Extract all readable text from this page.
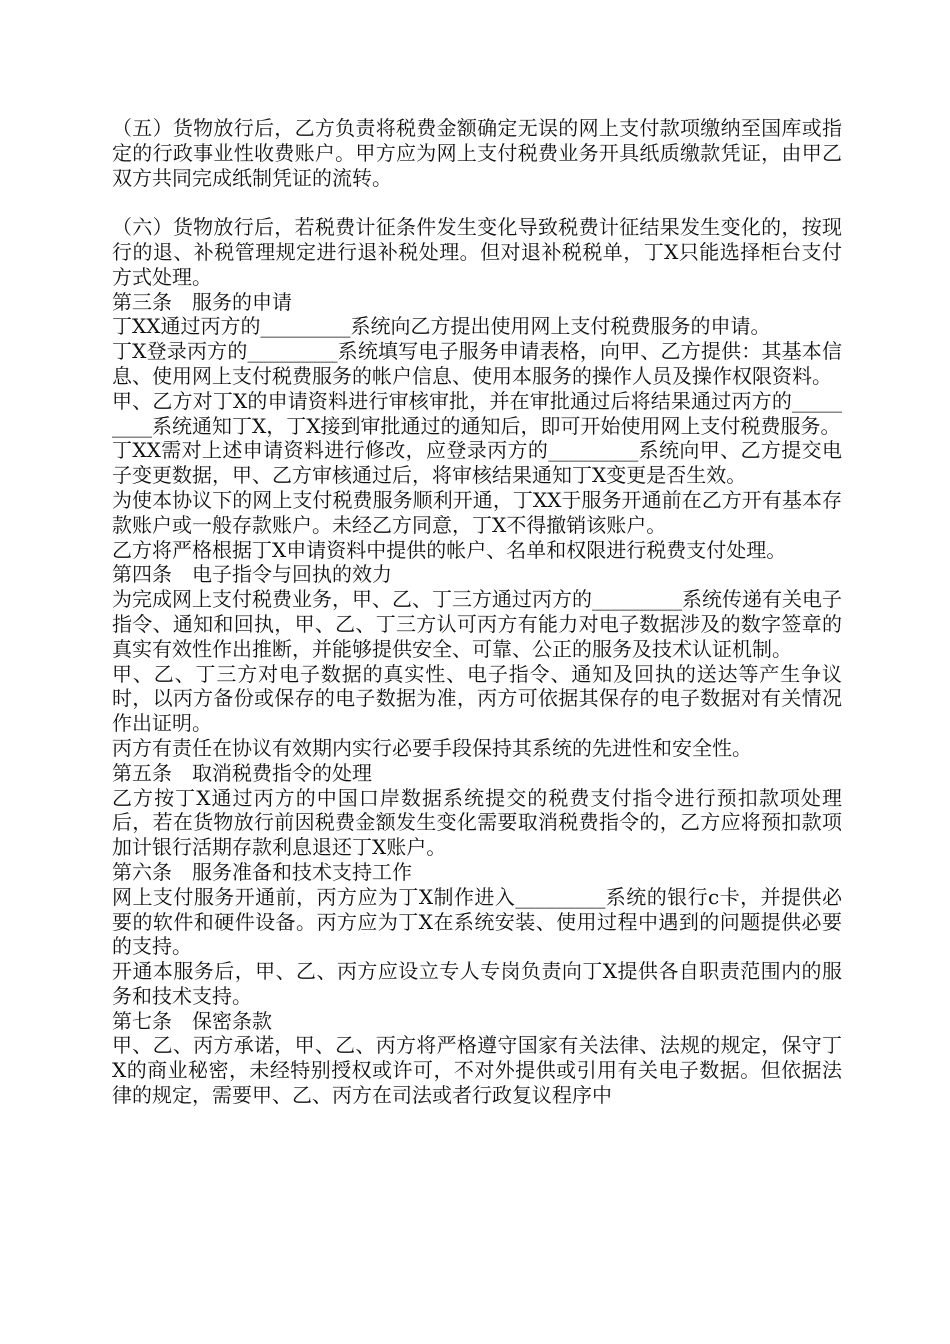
（五）货物放行后，乙方负责将税费金额确定无误的网上支付款项缴纳至国库或指定的行政事业性收费账户。甲方应为网上支付税费业务开具纸质缴款凭证，由甲乙双方共同完成纸制凭证的流转。

（六）货物放行后，若税费计征条件发生变化导致税费计征结果发生变化的，按现行的退、补税管理规定进行退补税处理。但对退补税税单，丁X只能选择柜台支付方式处理。

第三条　服务的申请

丁XX通过丙方的_________系统向乙方提出使用网上支付税费服务的申请。

丁X登录丙方的_________系统填写电子服务申请表格，向甲、乙方提供：其基本信息、使用网上支付税费服务的帐户信息、使用本服务的操作人员及操作权限资料。

甲、乙方对丁X的申请资料进行审核审批，并在审批通过后将结果通过丙方的_________系统通知丁X，丁X接到审批通过的通知后，即可开始使用网上支付税费服务。

丁XX需对上述申请资料进行修改，应登录丙方的_________系统向甲、乙方提交电子变更数据，甲、乙方审核通过后，将审核结果通知丁X变更是否生效。

为使本协议下的网上支付税费服务顺利开通，丁XX于服务开通前在乙方开有基本存款账户或一般存款账户。未经乙方同意，丁X不得撤销该账户。

乙方将严格根据丁X申请资料中提供的帐户、名单和权限进行税费支付处理。

第四条　电子指令与回执的效力

为完成网上支付税费业务，甲、乙、丁三方通过丙方的_________系统传递有关电子指令、通知和回执，甲、乙、丁三方认可丙方有能力对电子数据涉及的数字签章的真实有效性作出推断，并能够提供安全、可靠、公正的服务及技术认证机制。

甲、乙、丁三方对电子数据的真实性、电子指令、通知及回执的送达等产生争议时，以丙方备份或保存的电子数据为准，丙方可依据其保存的电子数据对有关情况作出证明。

丙方有责任在协议有效期内实行必要手段保持其系统的先进性和安全性。

第五条　取消税费指令的处理

乙方按丁X通过丙方的中国口岸数据系统提交的税费支付指令进行预扣款项处理后，若在货物放行前因税费金额发生变化需要取消税费指令的，乙方应将预扣款项加计银行活期存款利息退还丁X账户。

第六条　服务准备和技术支持工作

网上支付服务开通前，丙方应为丁X制作进入_________系统的银行c卡，并提供必要的软件和硬件设备。丙方应为丁X在系统安装、使用过程中遇到的问题提供必要的支持。

开通本服务后，甲、乙、丙方应设立专人专岗负责向丁X提供各自职责范围内的服务和技术支持。

第七条　保密条款

甲、乙、丙方承诺，甲、乙、丙方将严格遵守国家有关法律、法规的规定，保守丁X的商业秘密，未经特别授权或许可，不对外提供或引用有关电子数据。但依据法律的规定，需要甲、乙、丙方在司法或者行政复议程序中
